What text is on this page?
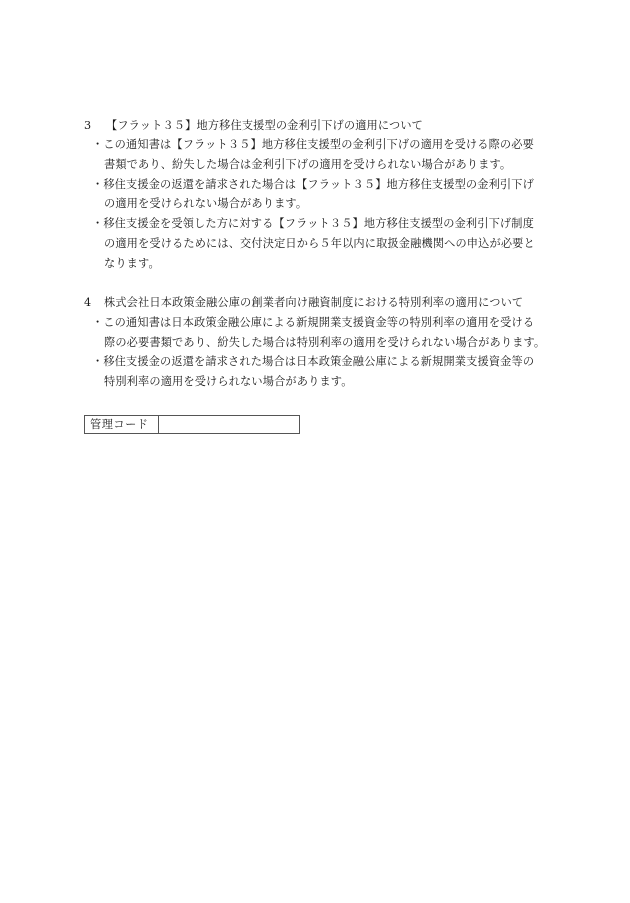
3 【フラット３５】地方移住支援型の金利引下げの適用について
・この通知書は【フラット３５】地方移住支援型の金利引下げの適用を受ける際の必要
書類であり、紛失した場合は金利引下げの適用を受けられない場合があります。
・移住支援金の返還を請求された場合は【フラット３５】地方移住支援型の金利引下げ
の適用を受けられない場合があります。
・移住支援金を受領した方に対する【フラット３５】地方移住支援型の金利引下げ制度
の適用を受けるためには、交付決定日から５年以内に取扱金融機関への申込が必要と
なります。
4 株式会社日本政策金融公庫の創業者向け融資制度における特別利率の適用について
・この通知書は日本政策金融公庫による新規開業支援資金等の特別利率の適用を受ける
際の必要書類であり、紛失した場合は特別利率の適用を受けられない場合があります。
・移住支援金の返還を請求された場合は日本政策金融公庫による新規開業支援資金等の
特別利率の適用を受けられない場合があります。
管理コード
